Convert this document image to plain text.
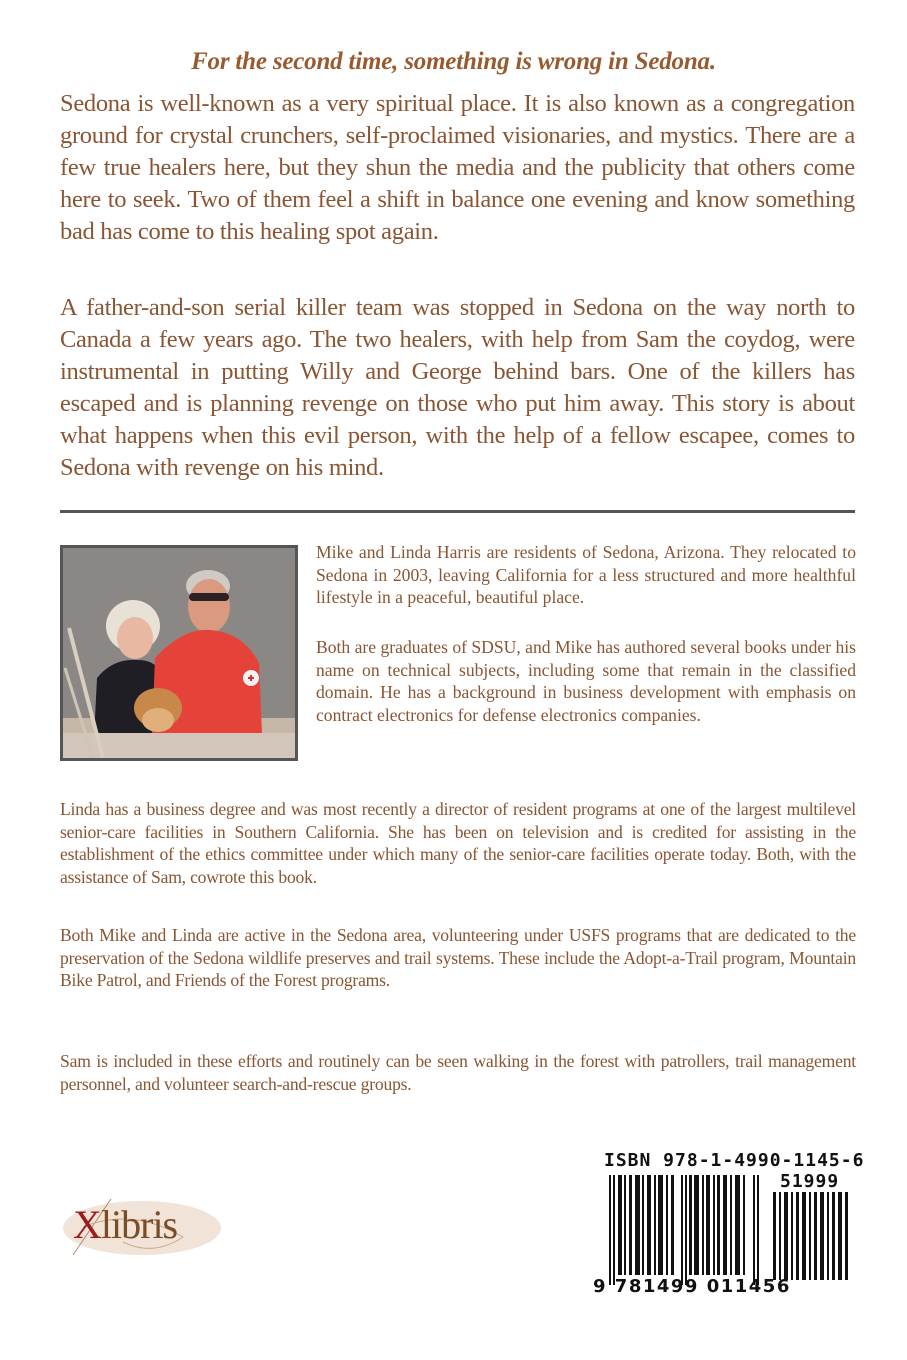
For the second time, something is wrong in Sedona.

Sedona is well-known as a very spiritual place. It is also known as a congregation ground for crystal crunchers, self-proclaimed visionaries, and mystics. There are a few true healers here, but they shun the media and the publicity that others come here to seek. Two of them feel a shift in balance one evening and know something bad has come to this healing spot again.

A father-and-son serial killer team was stopped in Sedona on the way north to Canada a few years ago. The two healers, with help from Sam the coydog, were instrumental in putting Willy and George behind bars. One of the killers has escaped and is planning revenge on those who put him away. This story is about what happens when this evil person, with the help of a fellow escapee, comes to Sedona with revenge on his mind.

Mike and Linda Harris are residents of Sedona, Arizona. They relocated to Sedona in 2003, leaving California for a less structured and more healthful lifestyle in a peaceful, beautiful place.
Both are graduates of SDSU, and Mike has authored several books under his name on technical subjects, including some that remain in the classified domain. He has a background in business development with emphasis on contract electronics for defense electronics companies.
Linda has a business degree and was most recently a director of resident programs at one of the largest multilevel senior-care facilities in Southern California. She has been on television and is credited for assisting in the establishment of the ethics committee under which many of the senior-care facilities operate today. Both, with the assistance of Sam, cowrote this book.
Both Mike and Linda are active in the Sedona area, volunteering under USFS programs that are dedicated to the preservation of the Sedona wildlife preserves and trail systems. These include the Adopt-a-Trail program, Mountain Bike Patrol, and Friends of the Forest programs.
Sam is included in these efforts and routinely can be seen walking in the forest with patrollers, trail management personnel, and volunteer search-and-rescue groups.
Xlibris
ISBN 978-1-4990-1145-6
51999
9 781499 011456
